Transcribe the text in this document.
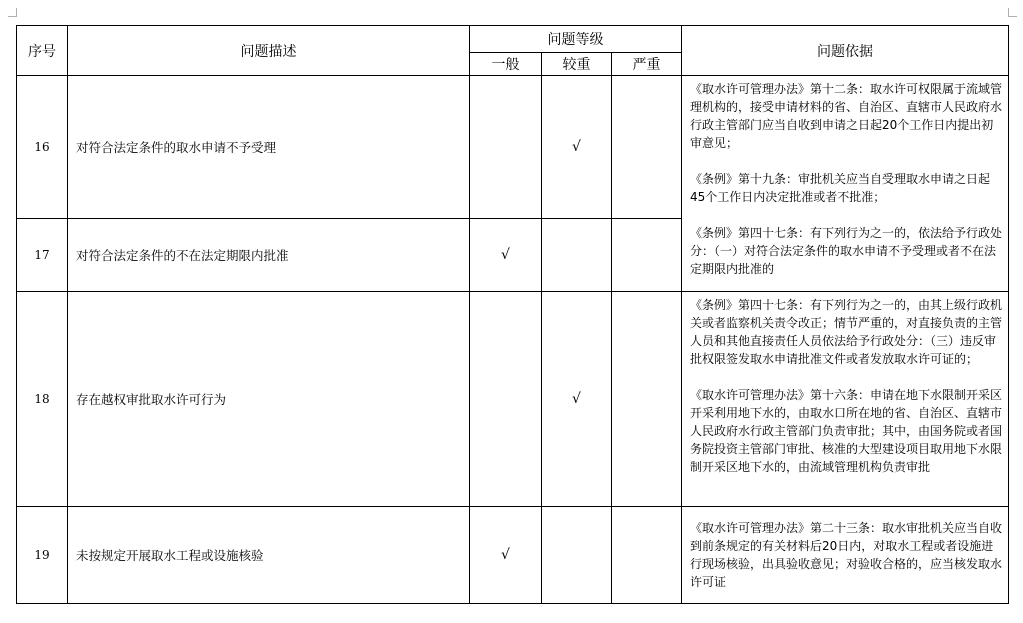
序号	问题描述	问题等级			问题依据
		一般	较重	严重	
16	对符合法定条件的取水申请不予受理		√		《取水许可管理办法》第十二条：取水许可权限属于流域管理机构的，接受申请材料的省、自治区、直辖市人民政府水行政主管部门应当自收到申请之日起20个工作日内提出初审意见；
《条例》第十九条：审批机关应当自受理取水申请之日起45个工作日内决定批准或者不批准；
《条例》第四十七条：有下列行为之一的，依法给予行政处分：（一）对符合法定条件的取水申请不予受理或者不在法定期限内批准的

17	对符合法定条件的不在法定期限内批准	√			
18	存在越权审批取水许可行为		√		《条例》第四十七条：有下列行为之一的，由其上级行政机关或者监察机关责令改正；情节严重的，对直接负责的主管人员和其他直接责任人员依法给予行政处分：（三）违反审批权限签发取水申请批准文件或者发放取水许可证的；
《取水许可管理办法》第十六条：申请在地下水限制开采区开采利用地下水的，由取水口所在地的省、自治区、直辖市人民政府水行政主管部门负责审批；其中，由国务院或者国务院投资主管部门审批、核准的大型建设项目取用地下水限制开采区地下水的，由流域管理机构负责审批

19	未按规定开展取水工程或设施核验	√			《取水许可管理办法》第二十三条：取水审批机关应当自收到前条规定的有关材料后20日内，对取水工程或者设施进行现场核验，出具验收意见；对验收合格的，应当核发取水许可证
